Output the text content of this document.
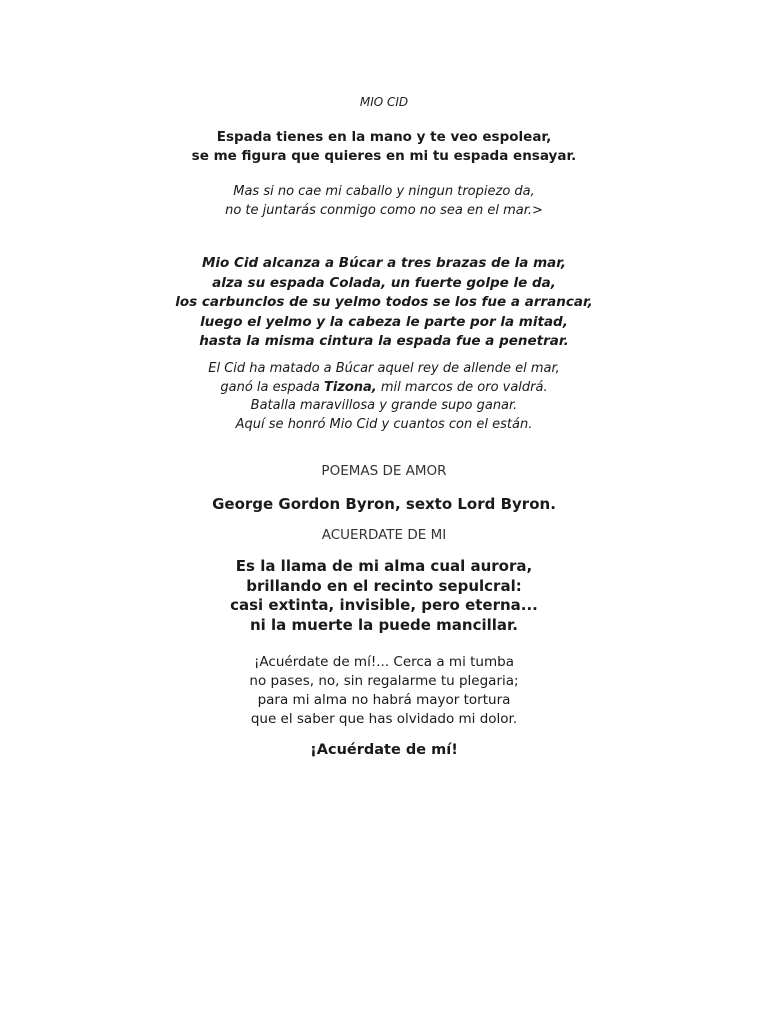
MIO CID
Espada tienes en la mano y te veo espolear,
se me figura que quieres en mi tu espada ensayar.
Mas si no cae mi caballo y ningun tropiezo da,
no te juntarás conmigo como no sea en el mar.>
Mio Cid alcanza a Búcar a tres brazas de la mar,
alza su espada Colada, un fuerte golpe le da,
los carbunclos de su yelmo todos se los fue a arrancar,
luego el yelmo y la cabeza le parte por la mitad,
hasta la misma cintura la espada fue a penetrar.
El Cid ha matado a Búcar aquel rey de allende el mar,
ganó la espada Tizona, mil marcos de oro valdrá.
Batalla maravillosa y grande supo ganar.
Aquí se honró Mio Cid y cuantos con el están.
POEMAS DE AMOR
George Gordon Byron, sexto Lord Byron.
ACUERDATE DE MI
Es la llama de mi alma cual aurora,
brillando en el recinto sepulcral:
casi extinta, invisible, pero eterna...
ni la muerte la puede mancillar.
¡Acuérdate de mí!... Cerca a mi tumba
no pases, no, sin regalarme tu plegaria;
para mi alma no habrá mayor tortura
que el saber que has olvidado mi dolor.
¡Acuérdate de mí!
